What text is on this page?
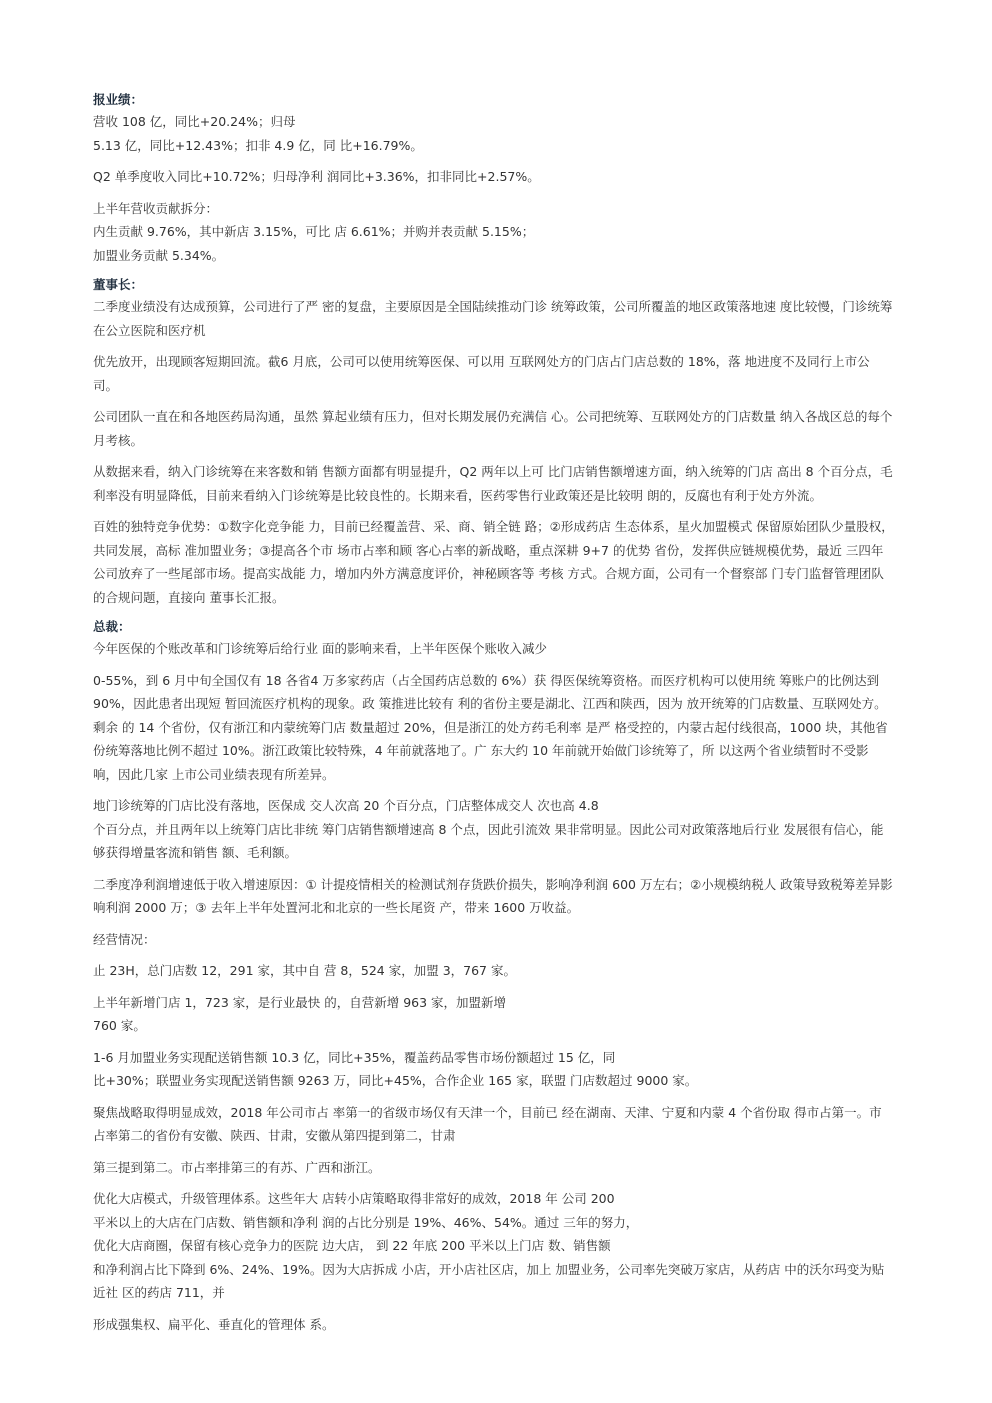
报业绩：
营收 108 亿，同比+20.24%；归母
5.13 亿，同比+12.43%；扣非 4.9 亿，同 比+16.79%。
Q2 单季度收入同比+10.72%；归母净利 润同比+3.36%，扣非同比+2.57%。
上半年营收贡献拆分：
内生贡献 9.76%，其中新店 3.15%，可比 店 6.61%；并购并表贡献 5.15%；
加盟业务贡献 5.34%。
董事长：
二季度业绩没有达成预算，公司进行了严 密的复盘，主要原因是全国陆续推动门诊 统筹政策，公司所覆盖的地区政策落地速 度比较慢，门诊统筹
在公立医院和医疗机
优先放开，出现顾客短期回流。截6 月底，公司可以使用统筹医保、可以用 互联网处方的门店占门店总数的 18%，落 地进度不及同行上市公
司。
公司团队一直在和各地医药局沟通，虽然 算起业绩有压力，但对长期发展仍充满信 心。公司把统筹、互联网处方的门店数量 纳入各战区总的每个
月考核。
从数据来看，纳入门诊统筹在来客数和销 售额方面都有明显提升，Q2 两年以上可 比门店销售额增速方面，纳入统筹的门店 高出 8 个百分点，毛
利率没有明显降低，目前来看纳入门诊统筹是比较良性的。长期来看，医药零售行业政策还是比较明 朗的，反腐也有利于处方外流。
百姓的独特竞争优势：①数字化竞争能 力，目前已经覆盖营、采、商、销全链 路；②形成药店 生态体系，星火加盟模式 保留原始团队少量股权，
共同发展，高标 准加盟业务；③提高各个市 场市占率和顾 客心占率的新战略，重点深耕 9+7 的优势 省份，发挥供应链规模优势，最近 三四年
公司放弃了一些尾部市场。提高实战能 力，增加内外方满意度评价，神秘顾客等 考核 方式。合规方面，公司有一个督察部 门专门监督管理团队
的合规问题，直接向 董事长汇报。
总裁：
今年医保的个账改革和门诊统筹后给行业 面的影响来看，上半年医保个账收入减少
0-55%，到 6 月中旬全国仅有 18 各省4 万多家药店（占全国药店总数的 6%）获 得医保统筹资格。而医疗机构可以使用统 筹账户的比例达到
90%，因此患者出现短 暂回流医疗机构的现象。政 策推进比较有 利的省份主要是湖北、江西和陕西，因为 放开统筹的门店数量、互联网处方。
剩余 的 14 个省份，仅有浙江和内蒙统筹门店 数量超过 20%，但是浙江的处方药毛利率 是严 格受控的，内蒙古起付线很高，1000 块，其他省
份统筹落地比例不超过 10%。浙江政策比较特殊，4 年前就落地了。广 东大约 10 年前就开始做门诊统筹了，所 以这两个省业绩暂时不受影
响，因此几家 上市公司业绩表现有所差异。
地门诊统筹的门店比没有落地，医保成 交人次高 20 个百分点，门店整体成交人 次也高 4.8
个百分点，并且两年以上统筹门店比非统 筹门店销售额增速高 8 个点，因此引流效 果非常明显。因此公司对政策落地后行业 发展很有信心，能
够获得增量客流和销售 额、毛利额。
二季度净利润增速低于收入增速原因：① 计提疫情相关的检测试剂存货跌价损失，影响净利润 600 万左右；②小规模纳税人 政策导致税筹差异影
响利润 2000 万；③ 去年上半年处置河北和北京的一些长尾资 产，带来 1600 万收益。
经营情况：
止 23H，总门店数 12，291 家，其中自 营 8，524 家，加盟 3，767 家。
上半年新增门店 1，723 家，是行业最快 的，自营新增 963 家，加盟新增
760 家。
1-6 月加盟业务实现配送销售额 10.3 亿，同比+35%，覆盖药品零售市场份额超过 15 亿，同
比+30%；联盟业务实现配送销售额 9263 万，同比+45%，合作企业 165 家，联盟 门店数超过 9000 家。
聚焦战略取得明显成效，2018 年公司市占 率第一的省级市场仅有天津一个，目前已 经在湖南、天津、宁夏和内蒙 4 个省份取 得市占第一。市
占率第二的省份有安徽、陕西、甘肃，安徽从第四提到第二，甘肃
第三提到第二。市占率排第三的有苏、广西和浙江。
优化大店模式，升级管理体系。这些年大 店转小店策略取得非常好的成效，2018 年 公司 200
平米以上的大店在门店数、销售额和净利 润的占比分别是 19%、46%、54%。通过 三年的努力，
优化大店商圈，保留有核心竞争力的医院 边大店， 到 22 年底 200 平米以上门店 数、销售额
和净利润占比下降到 6%、24%、19%。因为大店拆成 小店，开小店社区店，加上 加盟业务，公司率先突破万家店，从药店 中的沃尔玛变为贴
近社 区的药店 711，并
形成强集权、扁平化、垂直化的管理体 系。
